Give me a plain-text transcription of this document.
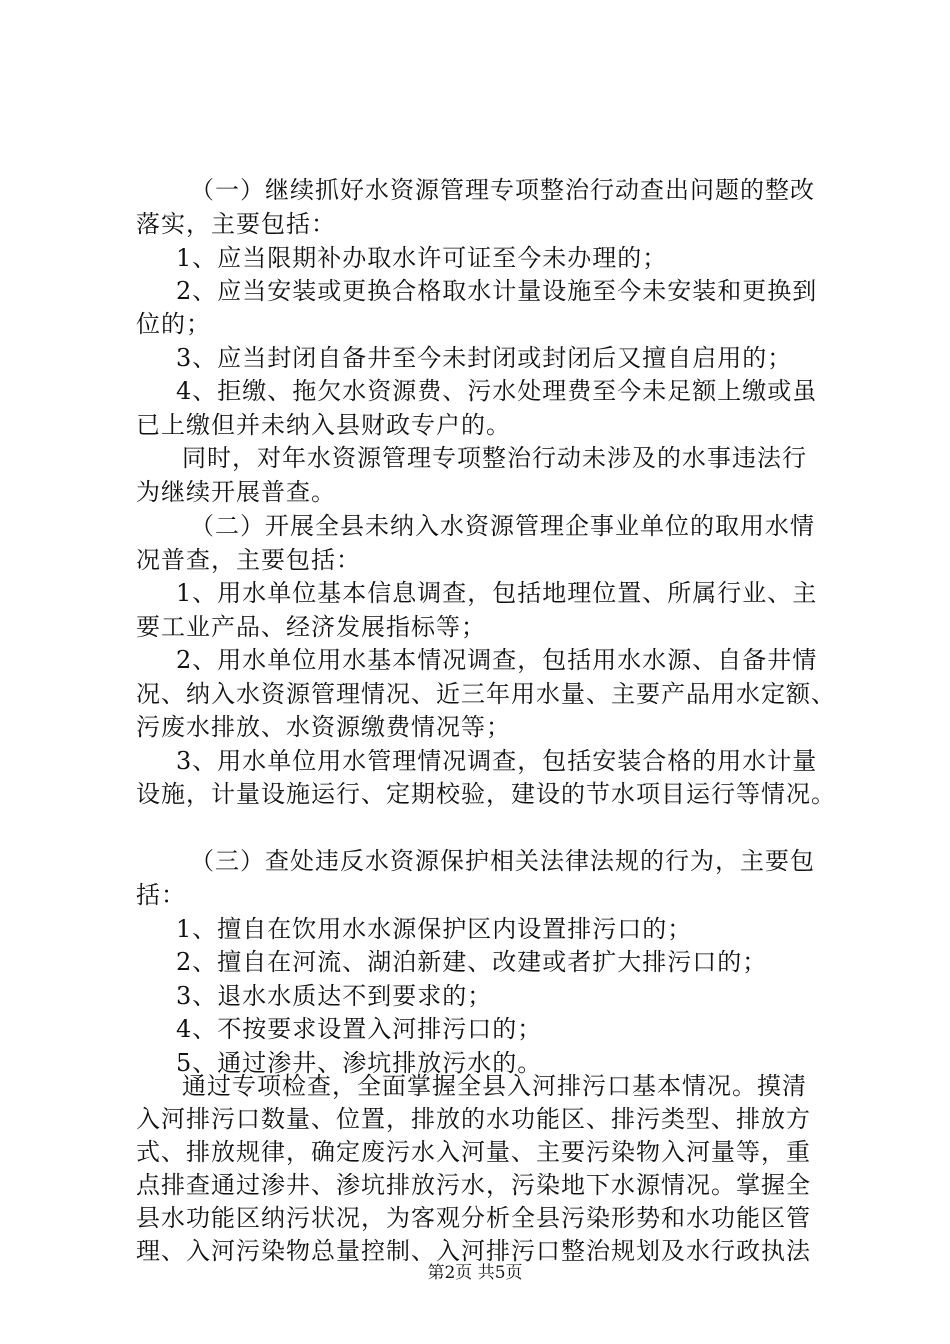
（一）继续抓好水资源管理专项整治行动查出问题的整改
落实，主要包括：
1、应当限期补办取水许可证至今未办理的；
2、应当安装或更换合格取水计量设施至今未安装和更换到
位的；
3、应当封闭自备井至今未封闭或封闭后又擅自启用的；
4、拒缴、拖欠水资源费、污水处理费至今未足额上缴或虽
已上缴但并未纳入县财政专户的。
同时，对年水资源管理专项整治行动未涉及的水事违法行
为继续开展普查。
（二）开展全县未纳入水资源管理企事业单位的取用水情
况普查，主要包括：
1、用水单位基本信息调查，包括地理位置、所属行业、主
要工业产品、经济发展指标等；
2、用水单位用水基本情况调查，包括用水水源、自备井情
况、纳入水资源管理情况、近三年用水量、主要产品用水定额、
污废水排放、水资源缴费情况等；
3、用水单位用水管理情况调查，包括安装合格的用水计量
设施，计量设施运行、定期校验，建设的节水项目运行等情况。
（三）查处违反水资源保护相关法律法规的行为，主要包
括：
1、擅自在饮用水水源保护区内设置排污口的；
2、擅自在河流、湖泊新建、改建或者扩大排污口的；
3、退水水质达不到要求的；
4、不按要求设置入河排污口的；
5、通过渗井、渗坑排放污水的。
通过专项检查，全面掌握全县入河排污口基本情况。摸清
入河排污口数量、位置，排放的水功能区、排污类型、排放方
式、排放规律，确定废污水入河量、主要污染物入河量等，重
点排查通过渗井、渗坑排放污水，污染地下水源情况。掌握全
县水功能区纳污状况，为客观分析全县污染形势和水功能区管
理、入河污染物总量控制、入河排污口整治规划及水行政执法
第2页 共5页
